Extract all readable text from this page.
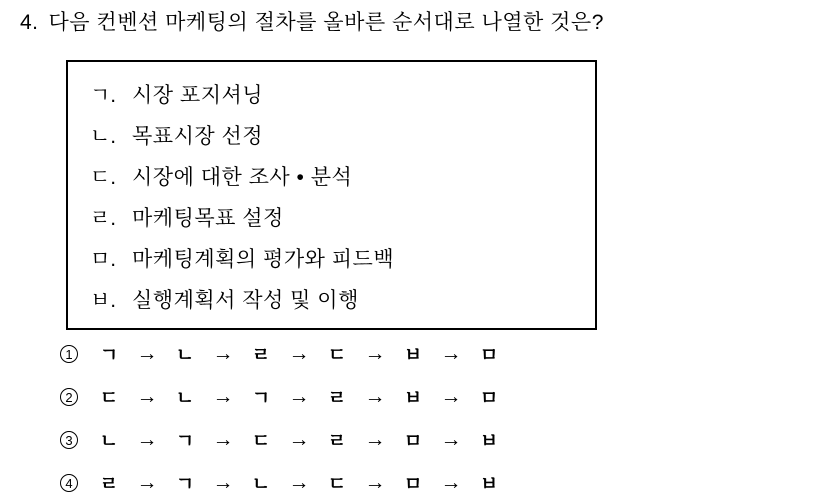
4. 다음 컨벤션 마케팅의 절차를 올바른 순서대로 나열한 것은?
ㄱ. 시장 포지셔닝
ㄴ. 목표시장 선정
ㄷ. 시장에 대한 조사 • 분석
ㄹ. 마케팅목표 설정
ㅁ. 마케팅계획의 평가와 피드백
ㅂ. 실행계획서 작성 및 이행
1	ㄱ → ㄴ → ㄹ → ㄷ → ㅂ → ㅁ
2	ㄷ → ㄴ → ㄱ → ㄹ → ㅂ → ㅁ
3	ㄴ → ㄱ → ㄷ → ㄹ → ㅁ → ㅂ
4	ㄹ → ㄱ → ㄴ → ㄷ → ㅁ → ㅂ
